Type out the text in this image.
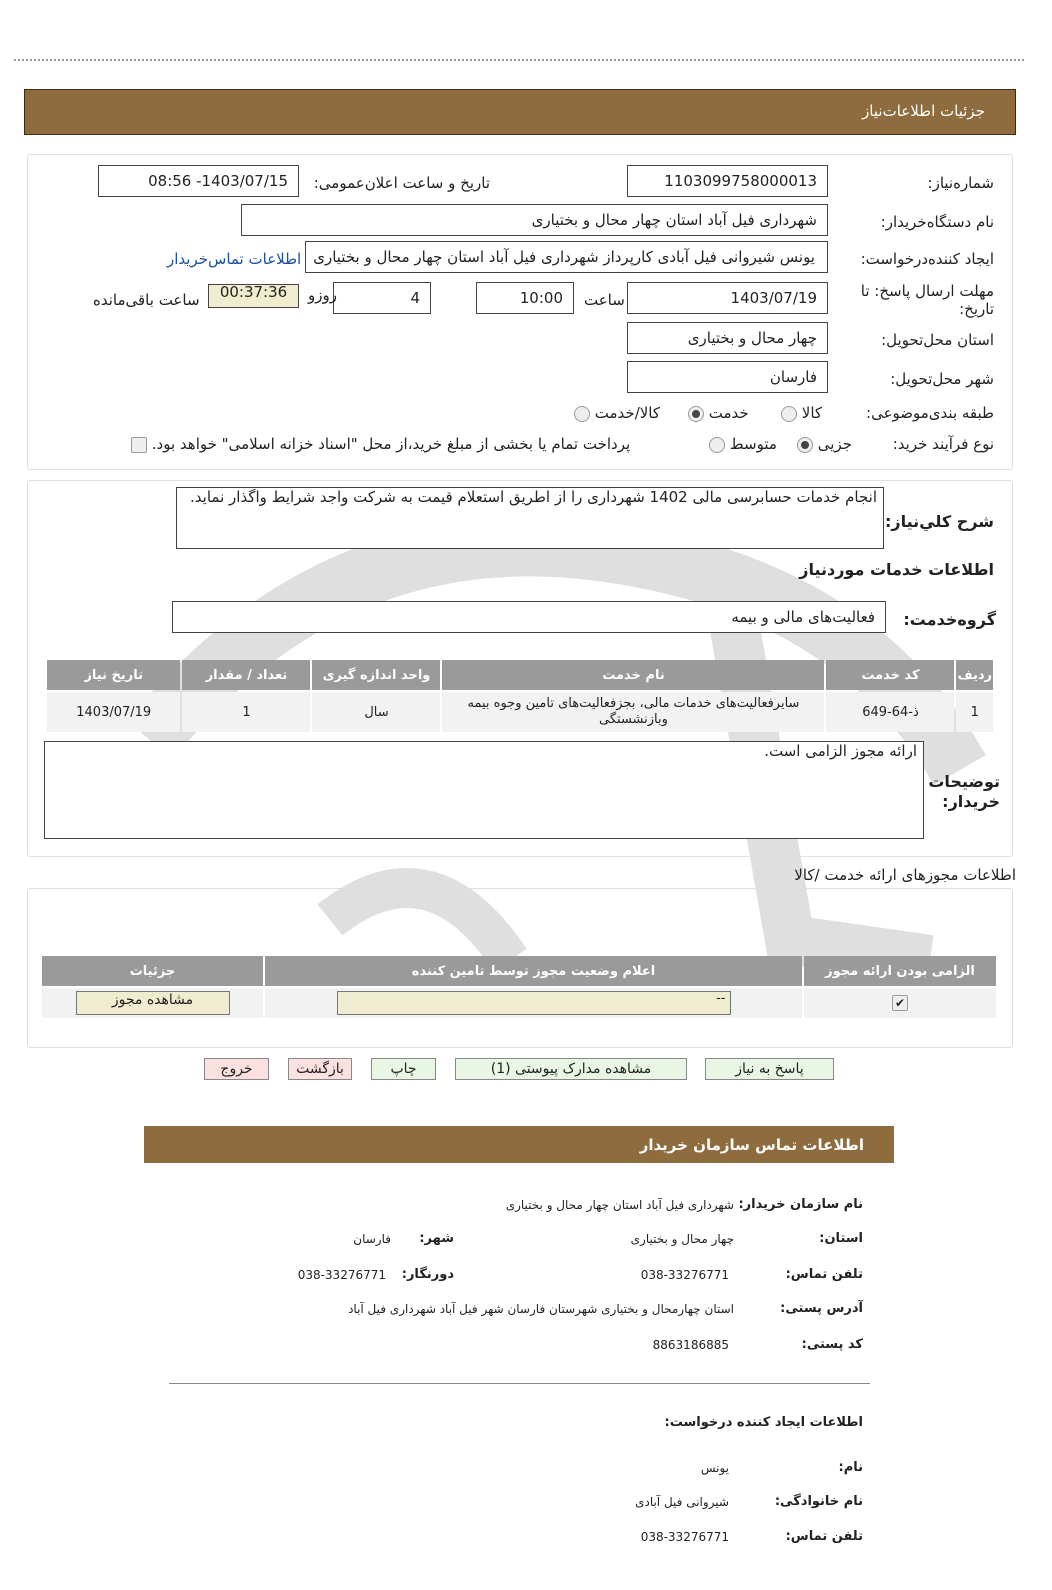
جزئیات اطلاعات‌نیاز
شماره‌نیاز:
1103099758000013
تاریخ و ساعت اعلان‌عمومی:
1403/07/15- 08:56
نام دستگاه‌خریدار:
شهرداری فیل آباد استان چهار محال و بختیاری
ایجاد کننده‌درخواست:
یونس شیروانی فیل آبادی کارپرداز شهرداری فیل آباد استان چهار محال و بختیاری
اطلاعات تماس‌خریدار
مهلت ارسال پاسخ: تا تاریخ:
1403/07/19
ساعت
10:00
4
روزو
00:37:36
ساعت باقی‌مانده
استان محل‌تحویل:
چهار محال و بختیاری
شهر محل‌تحویل:
فارسان
طبقه بندی‌موضوعی:
کالا
خدمت
کالا/خدمت
نوع فرآیند خرید:
جزیی
متوسط
پرداخت تمام یا بخشی از مبلغ خرید،از محل "اسناد خزانه اسلامی" خواهد بود.
شرح کلي‌نياز:
انجام خدمات حسابرسی مالی 1402 شهرداری را از اطریق استعلام قیمت به شرکت واجد شرایط واگذار نماید.
اطلاعات خدمات موردنیاز
گروه‌خدمت:
فعالیت‌های مالی و بیمه
ردیف	کد خدمت	نام خدمت	واحد اندازه گیری	تعداد / مقدار	تاریخ نیاز
1	ذ-64-649	سایرفعالیت‌های خدمات مالی، بجزفعالیت‌های تامین وجوه بیمه وبازنشستگی	سال	1	1403/07/19
توضیحات خریدار:
ارائه مجوز الزامی است.
اطلاعات مجوزهای ارائه خدمت /کالا
الزامی بودن ارائه مجوز	اعلام وضعیت مجوز توسط تامین کننده	جزئیات
✔	--	مشاهده مجوز
پاسخ به نیاز
مشاهده مدارک پیوستی (1)
چاپ
بازگشت
خروج
اطلاعات تماس سازمان خریدار
نام سازمان خریدار:
شهرداری فیل آباد استان چهار محال و بختیاری
استان:
چهار محال و بختیاری
شهر:
فارسان
تلفن تماس:
038-33276771
دورنگار:
038-33276771
آدرس پستی:
استان چهارمحال و بختیاری شهرستان فارسان شهر فیل آباد شهرداری فیل آباد
کد پستی:
8863186885
اطلاعات ایجاد کننده درخواست:
نام:
یونس
نام خانوادگی:
شیروانی فیل آبادی
تلفن تماس:
038-33276771
